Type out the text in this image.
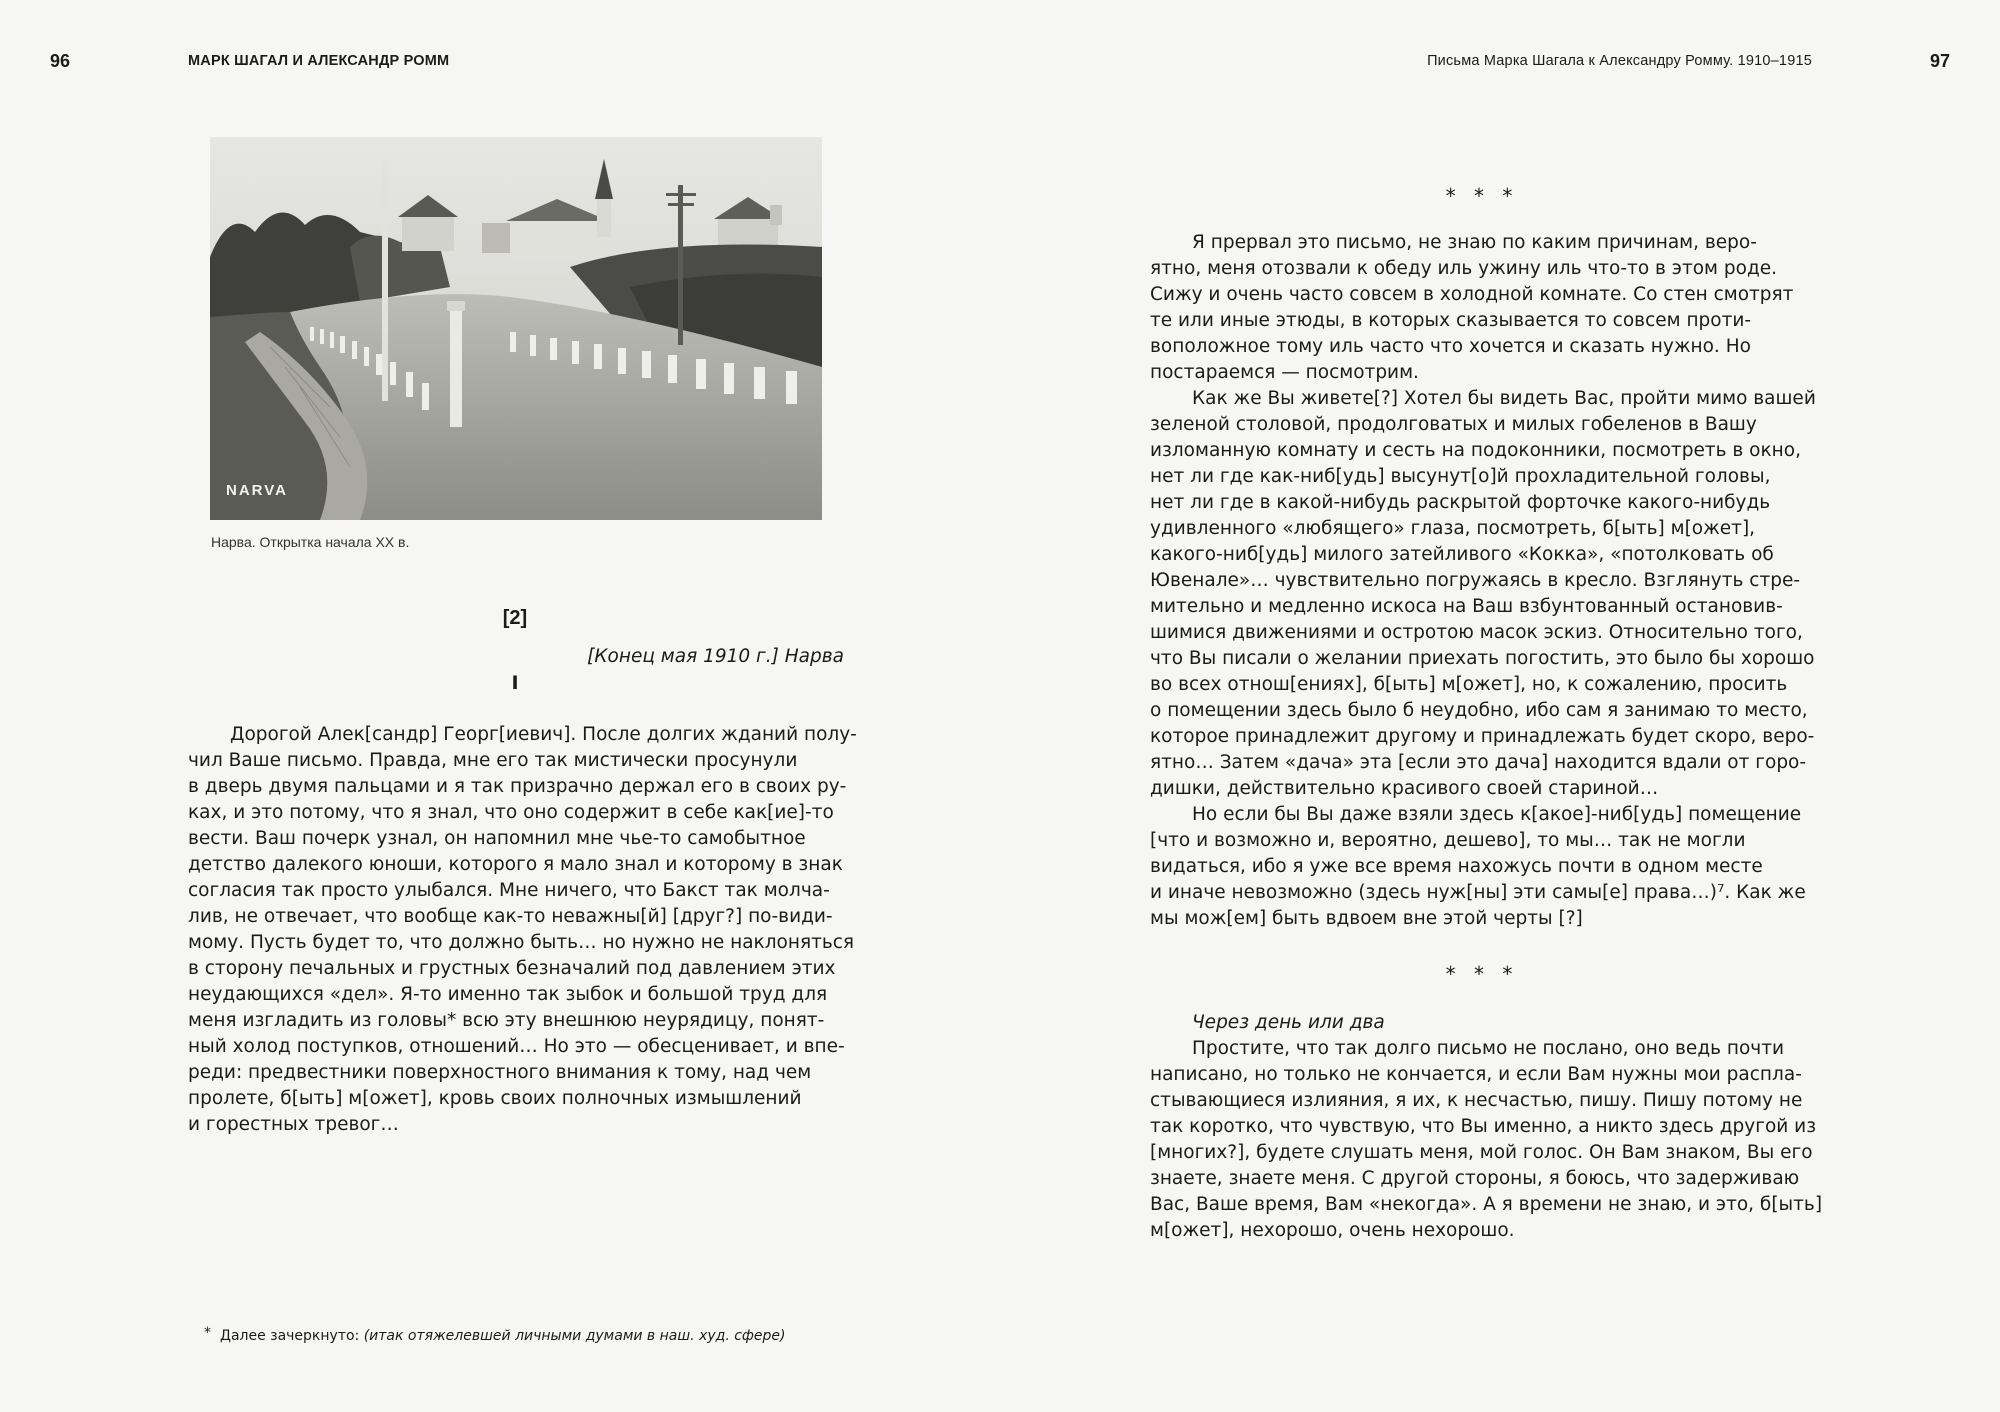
96	МАРК ШАГАЛ И АЛЕКСАНДР РОММ
NARVA
Нарва. Открытка начала XX в.
[2]
[Конец мая 1910 г.] Нарва
I
Дорогой Алек[сандр] Георг[иевич]. После долгих жданий полу-
чил Ваше письмо. Правда, мне его так мистически просунули
в дверь двумя пальцами и я так призрачно держал его в своих ру-
ках, и это потому, что я знал, что оно содержит в себе как[ие]-то
вести. Ваш почерк узнал, он напомнил мне чье-то самобытное
детство далекого юноши, которого я мало знал и которому в знак
согласия так просто улыбался. Мне ничего, что Бакст так молча-
лив, не отвечает, что вообще как-то неважны[й] [друг?] по-види-
мому. Пусть будет то, что должно быть… но нужно не наклоняться
в сторону печальных и грустных безначалий под давлением этих
неудающихся «дел». Я-то именно так зыбок и большой труд для
меня изгладить из головы* всю эту внешнюю неурядицу, понят-
ный холод поступков, отношений… Но это — обесценивает, и впе-
реди: предвестники поверхностного внимания к тому, над чем
пролете, б[ыть] м[ожет], кровь своих полночных измышлений
и горестных тревог…
* Далее зачеркнуто: (итак отяжелевшей личными думами в наш. худ. сфере)
Письма Марка Шагала к Александру Ромму. 1910–1915	97
* * *
Я прервал это письмо, не знаю по каким причинам, веро-
ятно, меня отозвали к обеду иль ужину иль что-то в этом роде.
Сижу и очень часто совсем в холодной комнате. Со стен смотрят
те или иные этюды, в которых сказывается то совсем проти-
воположное тому иль часто что хочется и сказать нужно. Но
постараемся — посмотрим.
Как же Вы живете[?] Хотел бы видеть Вас, пройти мимо вашей
зеленой столовой, продолговатых и милых гобеленов в Вашу
изломанную комнату и сесть на подоконники, посмотреть в окно,
нет ли где как-ниб[удь] высунут[о]й прохладительной головы,
нет ли где в какой-нибудь раскрытой форточке какого-нибудь
удивленного «любящего» глаза, посмотреть, б[ыть] м[ожет],
какого-ниб[удь] милого затейливого «Кокка», «потолковать об
Ювенале»… чувствительно погружаясь в кресло. Взглянуть стре-
мительно и медленно искоса на Ваш взбунтованный остановив-
шимися движениями и остротою масок эскиз. Относительно того,
что Вы писали о желании приехать погостить, это было бы хорошо
во всех отнош[ениях], б[ыть] м[ожет], но, к сожалению, просить
о помещении здесь было б неудобно, ибо сам я занимаю то место,
которое принадлежит другому и принадлежать будет скоро, веро-
ятно… Затем «дача» эта [если это дача] находится вдали от горо-
дишки, действительно красивого своей стариной…
Но если бы Вы даже взяли здесь к[акое]-ниб[удь] помещение
[что и возможно и, вероятно, дешево], то мы… так не могли
видаться, ибо я уже все время нахожусь почти в одном месте
и иначе невозможно (здесь нуж[ны] эти самы[е] права…)⁷. Как же
мы мож[ем] быть вдвоем вне этой черты [?]
* * *
Через день или два
Простите, что так долго письмо не послано, оно ведь почти
написано, но только не кончается, и если Вам нужны мои распла-
стывающиеся излияния, я их, к несчастью, пишу. Пишу потому не
так коротко, что чувствую, что Вы именно, а никто здесь другой из
[многих?], будете слушать меня, мой голос. Он Вам знаком, Вы его
знаете, знаете меня. С другой стороны, я боюсь, что задерживаю
Вас, Ваше время, Вам «некогда». А я времени не знаю, и это, б[ыть]
м[ожет], нехорошо, очень нехорошо.
